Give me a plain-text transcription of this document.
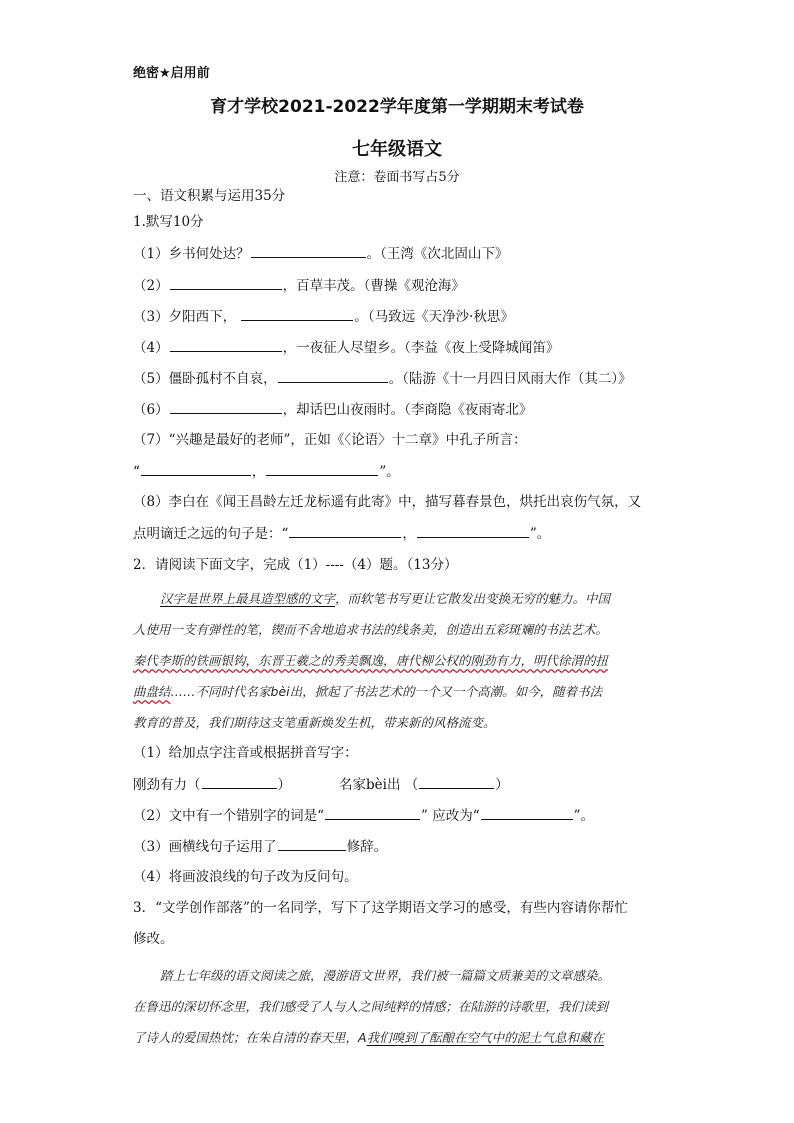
绝密★启用前
育才学校2021-2022学年度第一学期期末考试卷
七年级语文
注意：卷面书写占5分
一、语文积累与运用35分
1.默写10分
（1）乡书何处达？	。（王湾《次北固山下》
（2）	，百草丰茂。（曹操《观沧海》
（3）夕阳西下，	。（马致远《天净沙·秋思》
（4）	，一夜征人尽望乡。（李益《夜上受降城闻笛》
（5）僵卧孤村不自哀，	。（陆游《十一月四日风雨大作（其二）》
（6）	，却话巴山夜雨时。（李商隐《夜雨寄北》
（7）“兴趣是最好的老师”，正如《〈论语〉十二章》中孔子所言：
“	，	”。
（8）李白在《闻王昌龄左迁龙标遥有此寄》中，描写暮春景色，烘托出哀伤气氛，又
点明谪迁之远的句子是：“	，	”。
2．请阅读下面文字，完成（1）----（4）题。（13分）
汉字是世界上最具造型感的文字，而软笔书写更让它散发出变换无穷的魅力。中国
人使用一支有弹性的笔，锲而不舍地追求书法的线条美，创造出五彩斑斓的书法艺术。
秦代李斯的铁画银钩，东晋王羲之的秀美飘逸，唐代柳公权的刚劲有力，明代徐渭的扭
曲盘结……不同时代名家bèi出，掀起了书法艺术的一个又一个高潮。如今，随着书法
教育的普及，我们期待这支笔重新焕发生机，带来新的风格流变。
（1）给加点字注音或根据拼音写字：
刚劲有力（	）	名家bèi出 （	）
（2）文中有一个错别字的词是“	” 应改为“	”。
（3）画横线句子运用了	修辞。
（4）将画波浪线的句子改为反问句。
3．“文学创作部落”的一名同学，写下了这学期语文学习的感受，有些内容请你帮忙
修改。
踏上七年级的语文阅读之旅，漫游语文世界，我们被一篇篇文质兼美的文章感染。
在鲁迅的深切怀念里，我们感受了人与人之间纯粹的情感；在陆游的诗歌里，我们读到
了诗人的爱国热忱；在朱自清的春天里，A我们嗅到了酝酿在空气中的泥土气息和藏在
